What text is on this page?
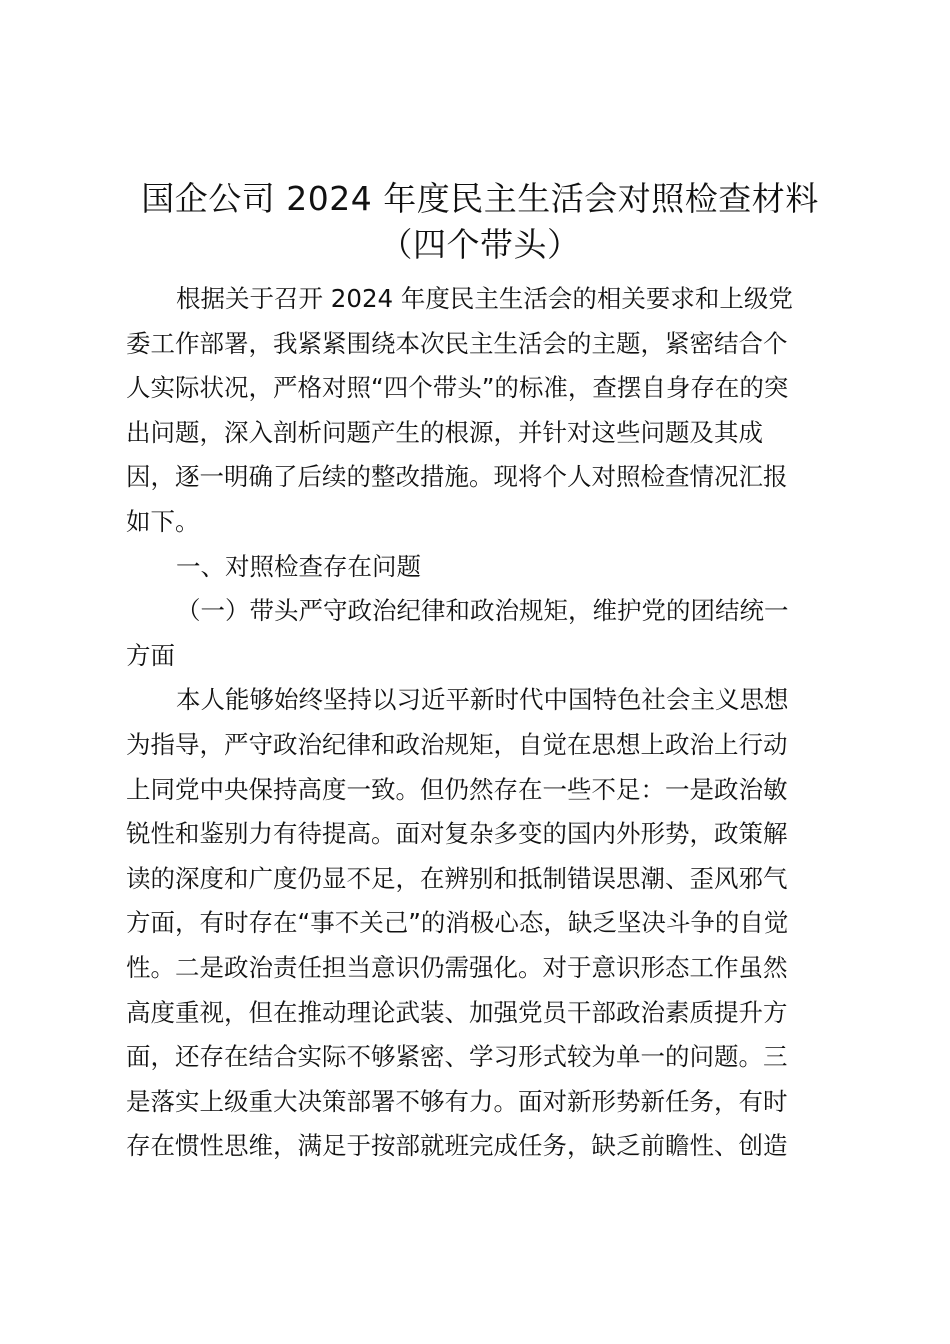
国企公司 2024 年度民主生活会对照检查材料
（四个带头）
根据关于召开 2024 年度民主生活会的相关要求和上级党
委工作部署，我紧紧围绕本次民主生活会的主题，紧密结合个
人实际状况，严格对照“四个带头”的标准，查摆自身存在的突
出问题，深入剖析问题产生的根源，并针对这些问题及其成
因，逐一明确了后续的整改措施。现将个人对照检查情况汇报
如下。
一、对照检查存在问题
（一）带头严守政治纪律和政治规矩，维护党的团结统一
方面
本人能够始终坚持以习近平新时代中国特色社会主义思想
为指导，严守政治纪律和政治规矩，自觉在思想上政治上行动
上同党中央保持高度一致。但仍然存在一些不足：一是政治敏
锐性和鉴别力有待提高。面对复杂多变的国内外形势，政策解
读的深度和广度仍显不足，在辨别和抵制错误思潮、歪风邪气
方面，有时存在“事不关己”的消极心态，缺乏坚决斗争的自觉
性。二是政治责任担当意识仍需强化。对于意识形态工作虽然
高度重视，但在推动理论武装、加强党员干部政治素质提升方
面，还存在结合实际不够紧密、学习形式较为单一的问题。三
是落实上级重大决策部署不够有力。面对新形势新任务，有时
存在惯性思维，满足于按部就班完成任务，缺乏前瞻性、创造
